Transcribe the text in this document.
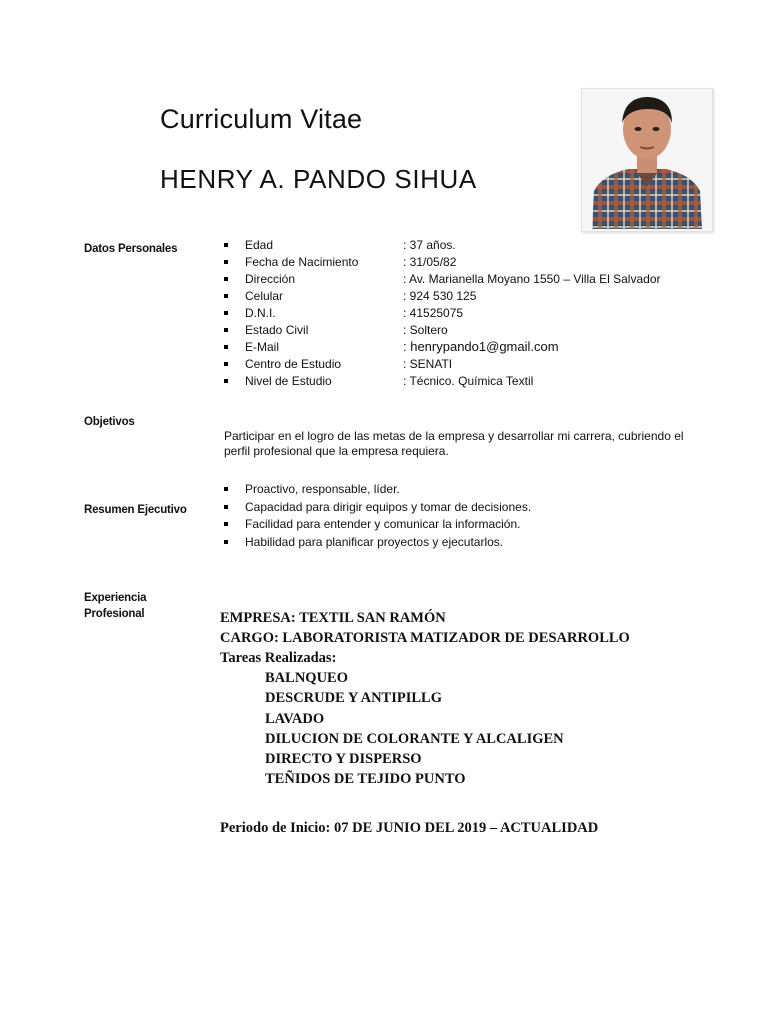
Curriculum Vitae
HENRY A. PANDO SIHUA
Datos Personales	Edad	: 37 años.
Fecha de Nacimiento	: 31/05/82
Dirección	: Av. Marianella Moyano 1550 – Villa El Salvador
Celular	: 924 530 125
D.N.I.	: 41525075
Estado Civil	: Soltero
E-Mail	: henrypando1@gmail.com
Centro de Estudio	: SENATI
Nivel de Estudio	: Técnico. Química Textil
Objetivos
Participar en el logro de las metas de la empresa y desarrollar mi carrera, cubriendo el perfil profesional que la empresa requiera.
Resumen Ejecutivo
Proactivo, responsable, líder.
Capacidad para dirigir equipos y tomar de decisiones.
Facilidad para entender y comunicar la información.
Habilidad para planificar proyectos y ejecutarlos.
Experiencia
Profesional	EMPRESA: TEXTIL SAN RAMÓN
CARGO: LABORATORISTA MATIZADOR DE DESARROLLO
Tareas Realizadas:
BALNQUEO
DESCRUDE Y ANTIPILLG
LAVADO
DILUCION DE COLORANTE Y ALCALIGEN
DIRECTO Y DISPERSO
TEÑIDOS DE TEJIDO PUNTO
Periodo de Inicio: 07 DE JUNIO DEL 2019 – ACTUALIDAD
